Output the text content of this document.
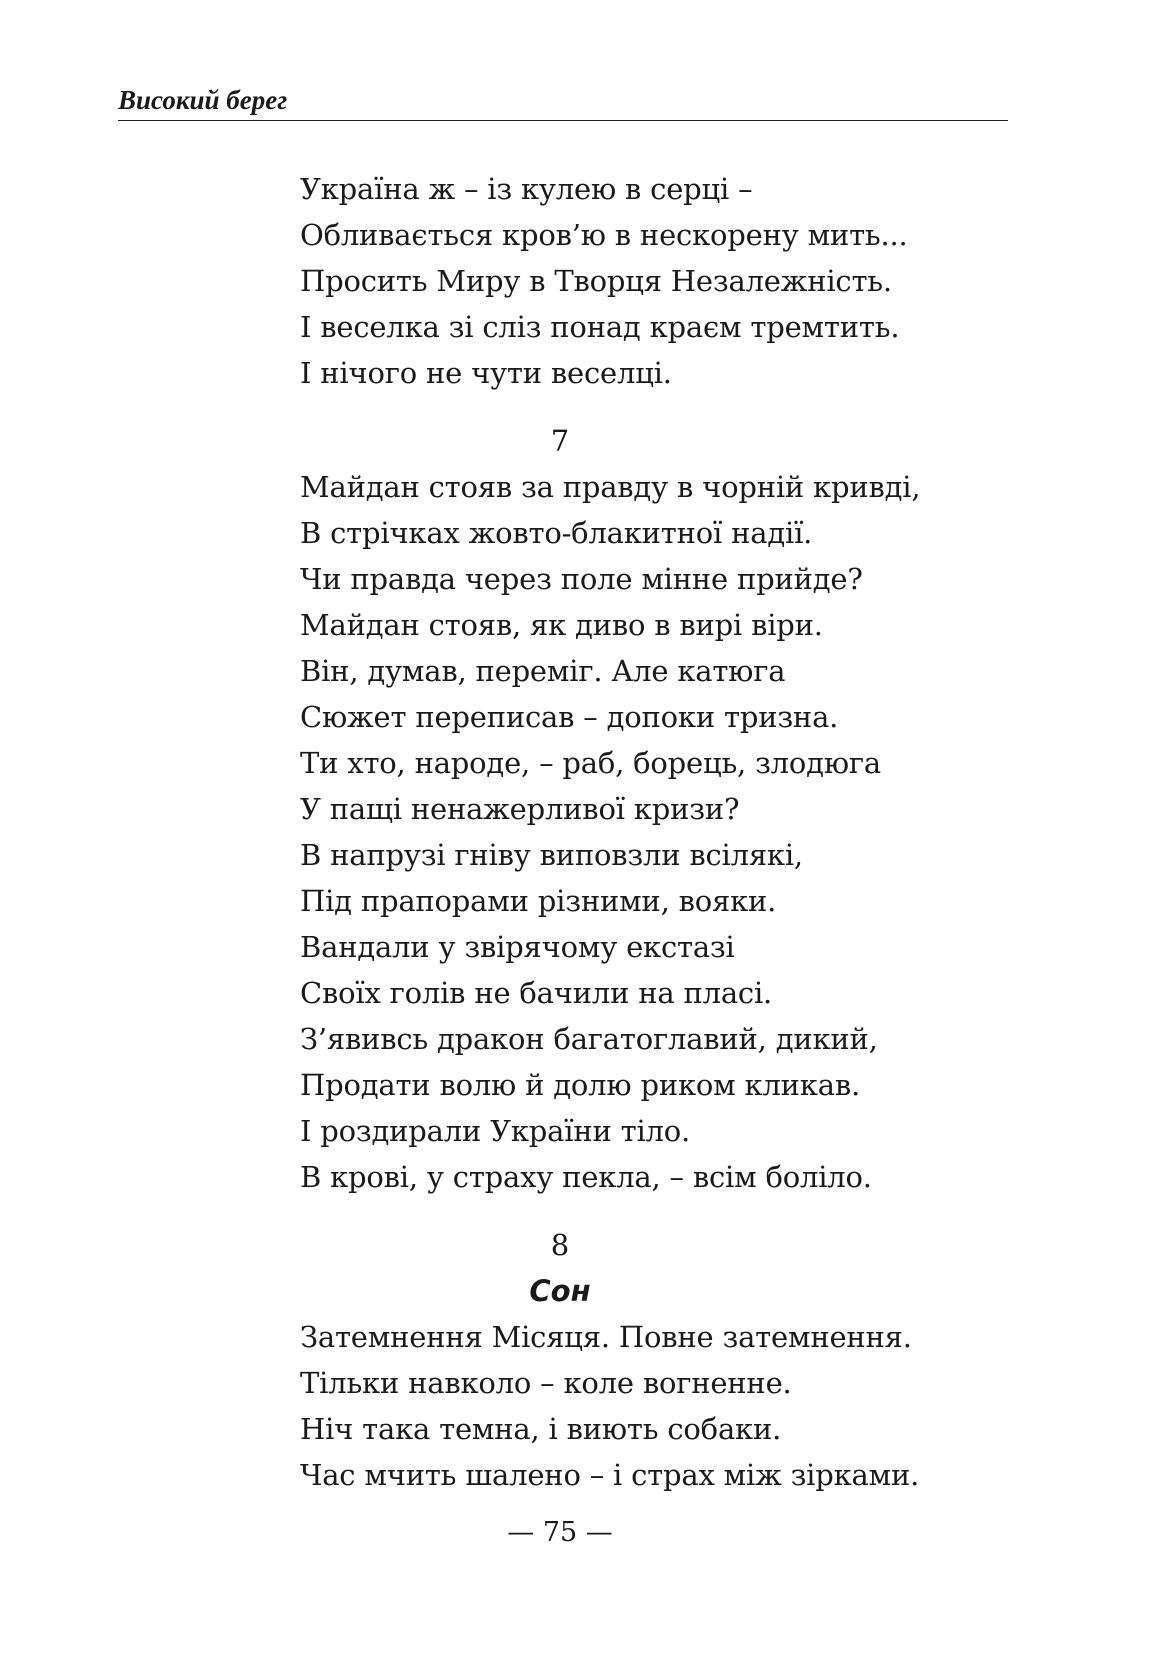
Високий берег
Україна ж – із кулею в серці –
Обливається кров’ю в нескорену мить...
Просить Миру в Творця Незалежність.
І веселка зі сліз понад краєм тремтить.
І нічого не чути веселці.
7
Майдан стояв за правду в чорній кривді,
В стрічках жовто-блакитної надії.
Чи правда через поле мінне прийде?
Майдан стояв, як диво в вирі віри.
Він, думав, переміг. Але катюга
Сюжет переписав – допоки тризна.
Ти хто, народе, – раб, борець, злодюга
У пащі ненажерливої кризи?
В напрузі гніву виповзли всілякі,
Під прапорами різними, вояки.
Вандали у звірячому екстазі
Своїх голів не бачили на пласі.
З’явивсь дракон багатоглавий, дикий,
Продати волю й долю риком кликав.
І роздирали України тіло.
В крові, у страху пекла, – всім боліло.
8
Сон
Затемнення Місяця. Повне затемнення.
Тільки навколо – коле вогненне.
Ніч така темна, і виють собаки.
Час мчить шалено – і страх між зірками.
— 75 —
